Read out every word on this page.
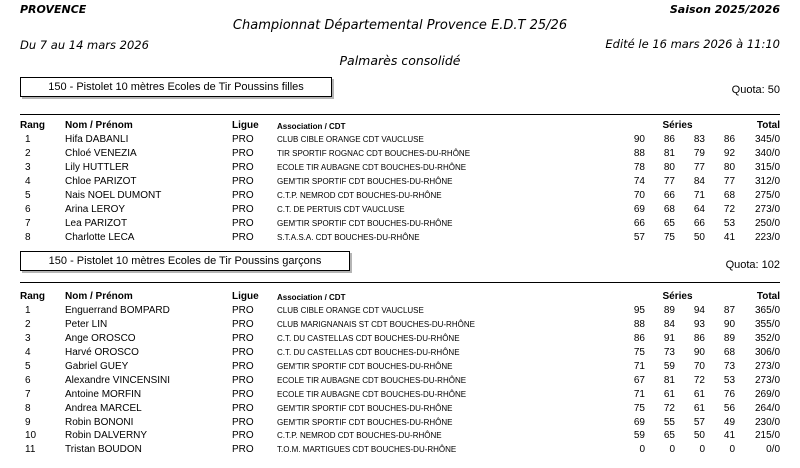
PROVENCE	Saison 2025/2026
Championnat Départemental Provence E.D.T 25/26
Du 7 au 14 mars 2026	Edité le 16 mars 2026 à 11:10
Palmarès consolidé
150 - Pistolet 10 mètres Ecoles de Tir Poussins filles	Quota: 50
Rang	Nom / Prénom	Ligue	Association / CDT	Séries				Total
1	Hifa DABANLI	PRO	CLUB CIBLE ORANGE CDT VAUCLUSE	90	86	83	86	345/0
2	Chloé VENEZIA	PRO	TIR SPORTIF ROGNAC CDT BOUCHES-DU-RHÔNE	88	81	79	92	340/0
3	Lily HUTTLER	PRO	ECOLE TIR AUBAGNE CDT BOUCHES-DU-RHÔNE	78	80	77	80	315/0
4	Chloe PARIZOT	PRO	GEM'TIR SPORTIF CDT BOUCHES-DU-RHÔNE	74	77	84	77	312/0
5	Nais NOEL DUMONT	PRO	C.T.P. NEMROD CDT BOUCHES-DU-RHÔNE	70	66	71	68	275/0
6	Arina LEROY	PRO	C.T. DE PERTUIS CDT VAUCLUSE	69	68	64	72	273/0
7	Lea PARIZOT	PRO	GEM'TIR SPORTIF CDT BOUCHES-DU-RHÔNE	66	65	66	53	250/0
8	Charlotte LECA	PRO	S.T.A.S.A. CDT BOUCHES-DU-RHÔNE	57	75	50	41	223/0
150 - Pistolet 10 mètres Ecoles de Tir Poussins garçons	Quota: 102
Rang	Nom / Prénom	Ligue	Association / CDT	Séries				Total
1	Enguerrand BOMPARD	PRO	CLUB CIBLE ORANGE CDT VAUCLUSE	95	89	94	87	365/0
2	Peter LIN	PRO	CLUB MARIGNANAIS ST CDT BOUCHES-DU-RHÔNE	88	84	93	90	355/0
3	Ange OROSCO	PRO	C.T. DU CASTELLAS CDT BOUCHES-DU-RHÔNE	86	91	86	89	352/0
4	Harvé OROSCO	PRO	C.T. DU CASTELLAS CDT BOUCHES-DU-RHÔNE	75	73	90	68	306/0
5	Gabriel GUEY	PRO	GEM'TIR SPORTIF CDT BOUCHES-DU-RHÔNE	71	59	70	73	273/0
6	Alexandre VINCENSINI	PRO	ECOLE TIR AUBAGNE CDT BOUCHES-DU-RHÔNE	67	81	72	53	273/0
7	Antoine MORFIN	PRO	ECOLE TIR AUBAGNE CDT BOUCHES-DU-RHÔNE	71	61	61	76	269/0
8	Andrea MARCEL	PRO	GEM'TIR SPORTIF CDT BOUCHES-DU-RHÔNE	75	72	61	56	264/0
9	Robin BONONI	PRO	GEM'TIR SPORTIF CDT BOUCHES-DU-RHÔNE	69	55	57	49	230/0
10	Robin DALVERNY	PRO	C.T.P. NEMROD CDT BOUCHES-DU-RHÔNE	59	65	50	41	215/0
11	Tristan BOUDON	PRO	T.O.M. MARTIGUES CDT BOUCHES-DU-RHÔNE	0	0	0	0	0/0
